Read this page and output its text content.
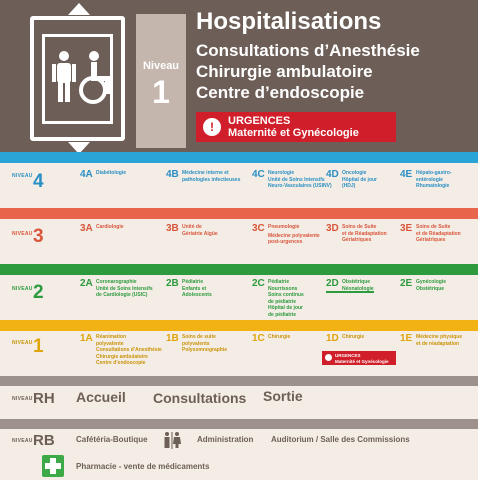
Niveau
1
Hospitalisations
Consultations d’Anesthésie
Chirurgie ambulatoire
Centre d’endoscopie
!	URGENCES
Maternité et Gynécologie
NIVEAU 4	4A Diabétologie	4B Médecine interne et
pathologies infectieuses	4C Neurologie
Unité de Soins Intensifs
Neuro-Vasculaires (USINV)
4D Oncologie
Hôpital de jour
(HDJ)
4E Hépato-gastro-
entérologie
Rhumatologie
NIVEAU 3	3A Cardiologie	3B Unité de
Gériatrie Aigüe	3C Pneumologie
Médecine polyvalente
post-urgences
3D Soins de Suite
et de Réadaptation
Gériatriques
3E Soins de Suite
et de Réadaptation
Gériatriques
NIVEAU 2	2A Coronarographie
Unité de Soins Intensifs
de Cardiologie (USIC)
2B Pédiatrie
Enfants et
Adolescents
2C Pédiatrie
Nourrissons
Soins continus
de pédiatrie
Hôpital de jour
de pédiatrie
2D Obstétrique
Néonatologie	2E Gynécologie
Obstétrique
NIVEAU 1	1A Réanimation
polyvalente
Consultations d’Anesthésie
Chirurgie ambulatoire
Centre d’endoscopie
1B Soins de suite
polyvalents
Polysomnographie
1C Chirurgie	1D Chirurgie
URGENCES
Maternité et Gynécologie
1E Médecine physique
et de réadaptation
NIVEAU RH Accueil Consultations Sortie
NIVEAU RB	Cafétéria-Boutique	Administration Auditorium / Salle des Commissions
Pharmacie - vente de médicaments
